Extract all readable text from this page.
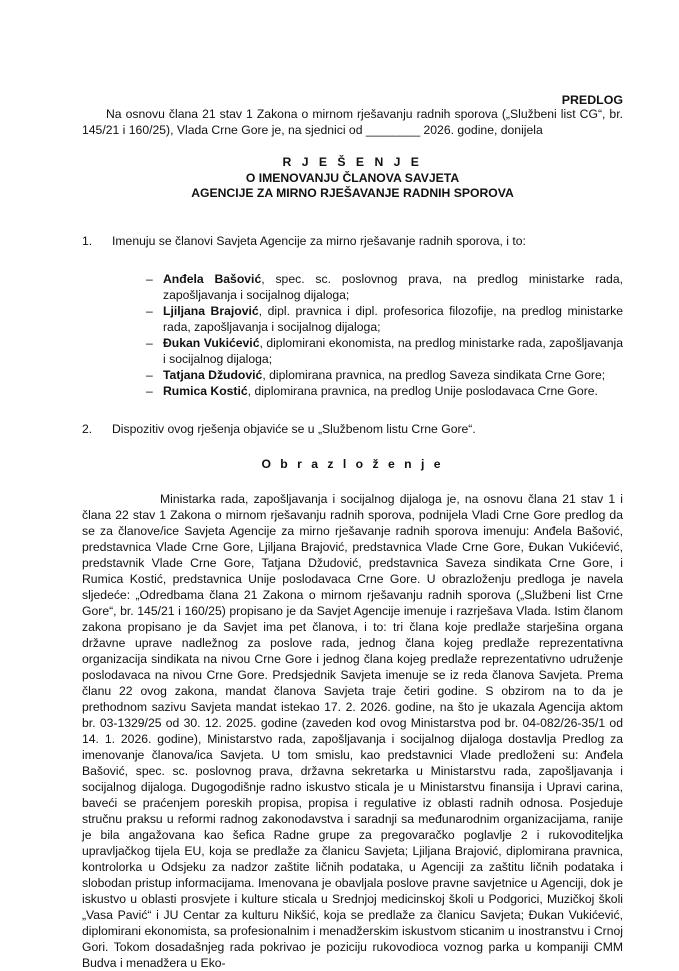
PREDLOG

Na osnovu člana 21 stav 1 Zakona o mirnom rješavanju radnih sporova („Službeni list CG“, br. 145/21 i 160/25), Vlada Crne Gore je, na sjednici od ________ 2026. godine, donijela

R J E Š E N J E
O IMENOVANJU ČLANOVA SAVJETA
AGENCIJE ZA MIRNO RJEŠAVANJE RADNIH SPOROVA
1. Imenuju se članovi Savjeta Agencije za mirno rješavanje radnih sporova, i to:
– Anđela Bašović, spec. sc. poslovnog prava, na predlog ministarke rada, zapošljavanja i socijalnog dijaloga;
– Ljiljana Brajović, dipl. pravnica i dipl. profesorica filozofije, na predlog ministarke rada, zapošljavanja i socijalnog dijaloga;
– Đukan Vukićević, diplomirani ekonomista, na predlog ministarke rada, zapošljavanja i socijalnog dijaloga;
– Tatjana Džudović, diplomirana pravnica, na predlog Saveza sindikata Crne Gore;
– Rumica Kostić, diplomirana pravnica, na predlog Unije poslodavaca Crne Gore.
2. Dispozitiv ovog rješenja objaviće se u „Službenom listu Crne Gore“.
O b r a z l o ž e n j e

Ministarka rada, zapošljavanja i socijalnog dijaloga je, na osnovu člana 21 stav 1 i člana 22 stav 1 Zakona o mirnom rješavanju radnih sporova, podnijela Vladi Crne Gore predlog da se za članove/ice Savjeta Agencije za mirno rješavanje radnih sporova imenuju: Anđela Bašović, predstavnica Vlade Crne Gore, Ljiljana Brajović, predstavnica Vlade Crne Gore, Đukan Vukićević, predstavnik Vlade Crne Gore, Tatjana Džudović, predstavnica Saveza sindikata Crne Gore, i Rumica Kostić, predstavnica Unije poslodavaca Crne Gore. U obrazloženju predloga je navela sljedeće: „Odredbama člana 21 Zakona o mirnom rješavanju radnih sporova („Službeni list Crne Gore“, br. 145/21 i 160/25) propisano je da Savjet Agencije imenuje i razrješava Vlada. Istim članom zakona propisano je da Savjet ima pet članova, i to: tri člana koje predlaže starješina organa državne uprave nadležnog za poslove rada, jednog člana kojeg predlaže reprezentativna organizacija sindikata na nivou Crne Gore i jednog člana kojeg predlaže reprezentativno udruženje poslodavaca na nivou Crne Gore. Predsjednik Savjeta imenuje se iz reda članova Savjeta. Prema članu 22 ovog zakona, mandat članova Savjeta traje četiri godine. S obzirom na to da je prethodnom sazivu Savjeta mandat istekao 17. 2. 2026. godine, na što je ukazala Agencija aktom br. 03-1329/25 od 30. 12. 2025. godine (zaveden kod ovog Ministarstva pod br. 04-082/26-35/1 od 14. 1. 2026. godine), Ministarstvo rada, zapošljavanja i socijalnog dijaloga dostavlja Predlog za imenovanje članova/ica Savjeta. U tom smislu, kao predstavnici Vlade predloženi su: Anđela Bašović, spec. sc. poslovnog prava, državna sekretarka u Ministarstvu rada, zapošljavanja i socijalnog dijaloga. Dugogodišnje radno iskustvo sticala je u Ministarstvu finansija i Upravi carina, baveći se praćenjem poreskih propisa, propisa i regulative iz oblasti radnih odnosa. Posjeduje stručnu praksu u reformi radnog zakonodavstva i saradnji sa međunarodnim organizacijama, ranije je bila angažovana kao šefica Radne grupe za pregovaračko poglavlje 2 i rukovoditeljka upravljačkog tijela EU, koja se predlaže za članicu Savjeta; Ljiljana Brajović, diplomirana pravnica, kontrolorka u Odsjeku za nadzor zaštite ličnih podataka, u Agenciji za zaštitu ličnih podataka i slobodan pristup informacijama. Imenovana je obavljala poslove pravne savjetnice u Agenciji, dok je iskustvo u oblasti prosvjete i kulture sticala u Srednjoj medicinskoj školi u Podgorici, Muzičkoj školi „Vasa Pavić“ i JU Centar za kulturu Nikšić, koja se predlaže za članicu Savjeta; Đukan Vukićević, diplomirani ekonomista, sa profesionalnim i menadžerskim iskustvom sticanim u inostranstvu i Crnoj Gori. Tokom dosadašnjeg rada pokrivao je poziciju rukovodioca voznog parka u kompaniji CMM Budva i menadžera u Eko-
